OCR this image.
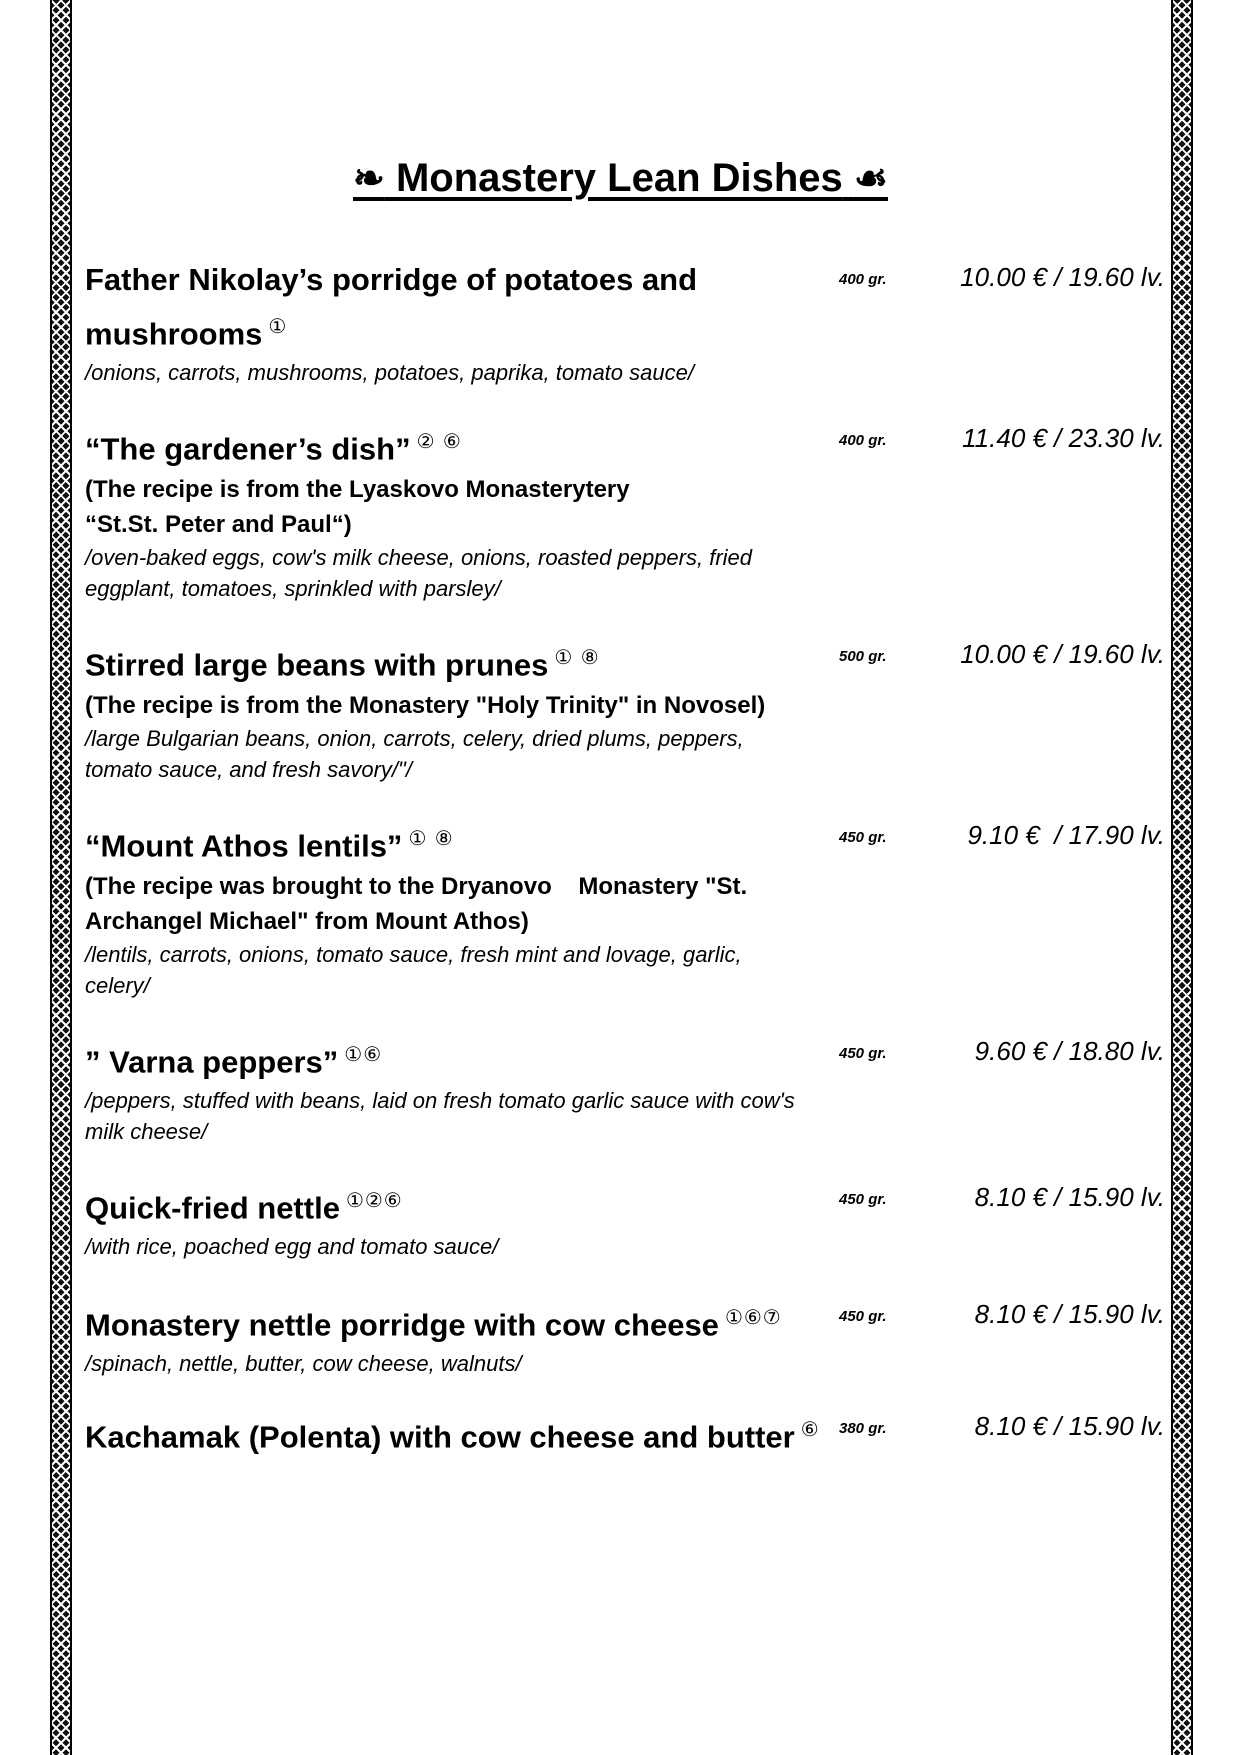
❧ Monastery Lean Dishes ☙
Father Nikolay’s porridge of potatoes and mushrooms ①
/onions, carrots, mushrooms, potatoes, paprika, tomato sauce/
400 gr.	10.00 € / 19.60 lv.
“The gardener’s dish” ② ⑥
(The recipe is from the Lyaskovo Monasterytery
“St.St. Peter and Paul“)
/oven-baked eggs, cow's milk cheese, onions, roasted peppers, fried eggplant, tomatoes, sprinkled with parsley/
400 gr.	11.40 € / 23.30 lv.
Stirred large beans with prunes ① ⑧
(The recipe is from the Monastery "Holy Trinity" in Novosel)
/large Bulgarian beans, onion, carrots, celery, dried plums, peppers, tomato sauce, and fresh savory/"/
500 gr.	10.00 € / 19.60 lv.
“Mount Athos lentils” ① ⑧
(The recipe was brought to the Dryanovo    Monastery "St. Archangel Michael" from Mount Athos)
/lentils, carrots, onions, tomato sauce, fresh mint and lovage, garlic, celery/
450 gr.	9.10 €  / 17.90 lv.
” Varna peppers” ①⑥
/peppers, stuffed with beans, laid on fresh tomato garlic sauce with cow's milk cheese/
450 gr.	9.60 € / 18.80 lv.
Quick-fried nettle ①②⑥
/with rice, poached egg and tomato sauce/
450 gr.	8.10 € / 15.90 lv.
Monastery nettle porridge with cow cheese ①⑥⑦
/spinach, nettle, butter, cow cheese, walnuts/
450 gr.	8.10 € / 15.90 lv.
Kachamak (Polenta) with cow cheese and butter ⑥	380 gr.	8.10 € / 15.90 lv.
